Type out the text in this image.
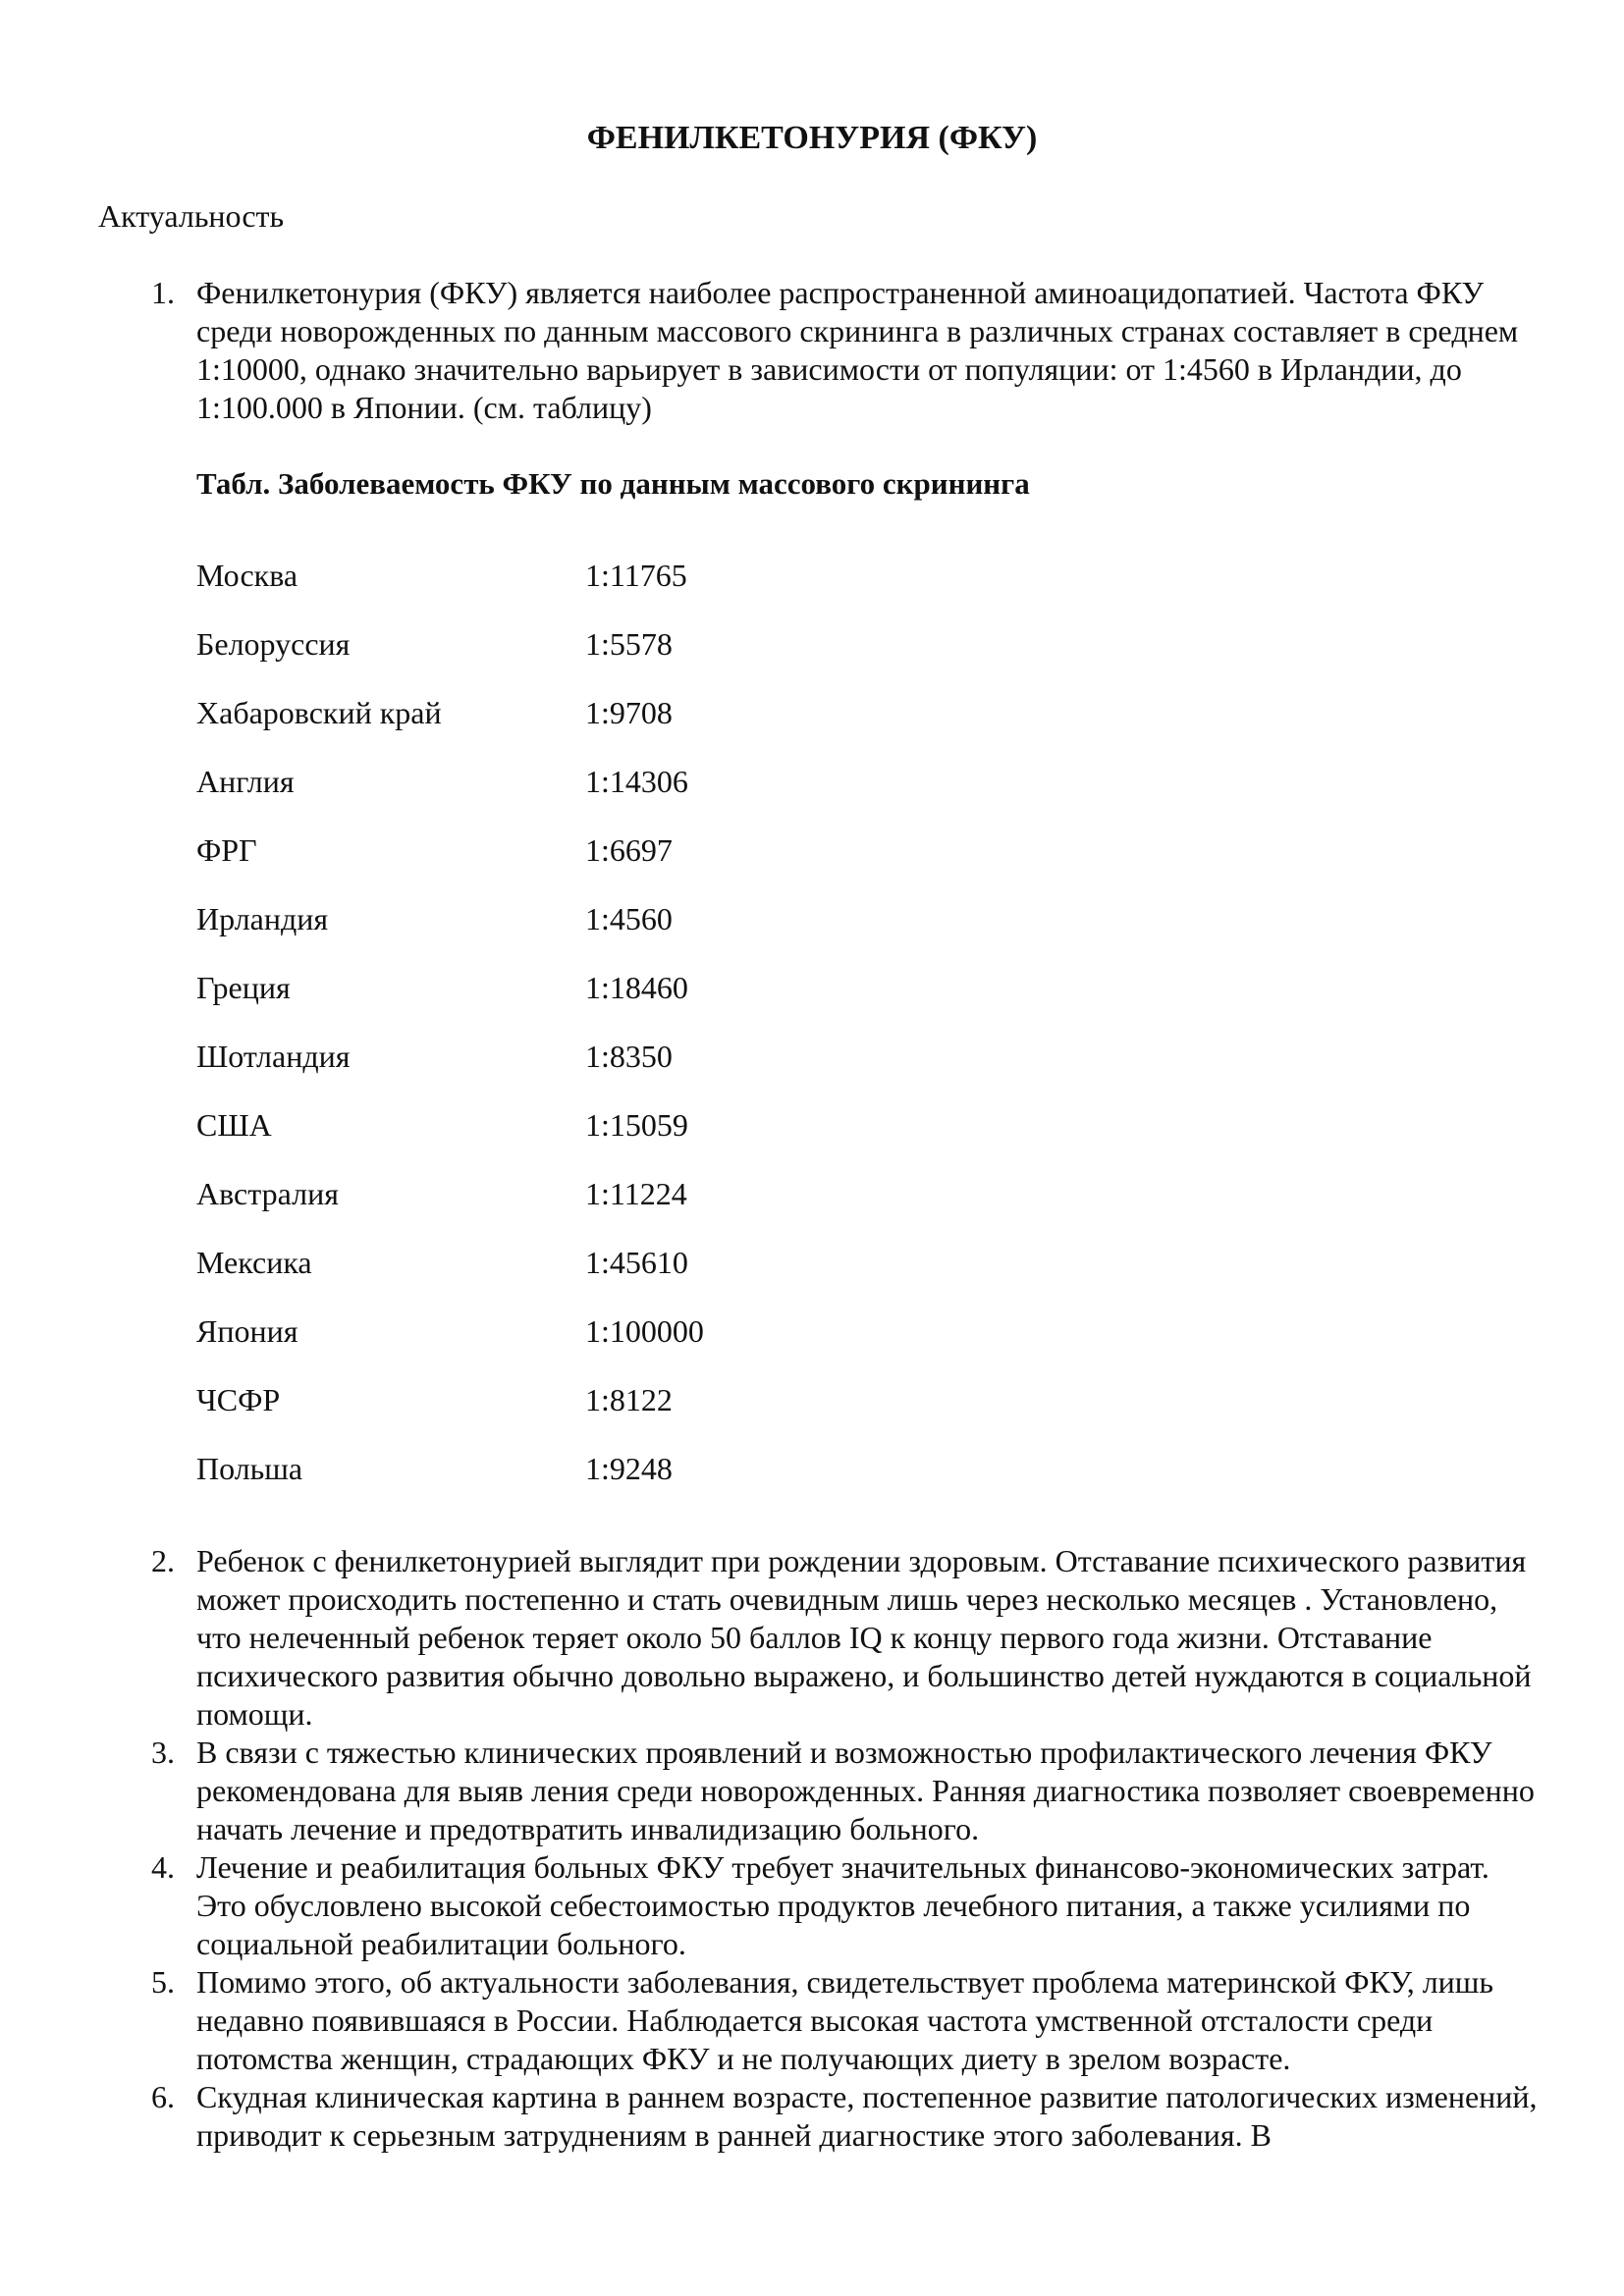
ФЕНИЛКЕТОНУРИЯ (ФКУ)

Актуальность

1. Фенилкетонурия (ФКУ) является наиболее распространенной аминоацидопатией. Частота ФКУ среди новорожденных по данным массового скрининга в различных странах составляет в среднем 1:10000, однако значительно варьирует в зависимости от популяции: от 1:4560 в Ирландии, до 1:100.000 в Японии. (см. таблицу)

Табл. Заболеваемость ФКУ по данным массового скрининга

Москва	1:11765
Белоруссия	1:5578
Хабаровский край	1:9708
Англия	1:14306
ФРГ	1:6697
Ирландия	1:4560
Греция	1:18460
Шотландия	1:8350
США	1:15059
Австралия	1:11224
Мексика	1:45610
Япония	1:100000
ЧСФР	1:8122
Польша	1:9248
2. Ребенок с фенилкетонурией выглядит при рождении здоровым. Отставание психического развития может происходить постепенно и стать очевидным лишь через несколько месяцев . Установлено, что нелеченный ребенок теряет около 50 баллов IQ к концу первого года жизни. Отставание психического развития обычно довольно выражено, и большинство детей нуждаются в социальной помощи.

3. В связи с тяжестью клинических проявлений и возможностью профилактического лечения ФКУ рекомендована для выяв ления среди новорожденных. Ранняя диагностика позволяет своевременно начать лечение и предотвратить инвалидизацию больного.

4. Лечение и реабилитация больных ФКУ требует значительных финансово-экономических затрат. Это обусловлено высокой себестоимостью продуктов лечебного питания, а также усилиями по социальной реабилитации больного.

5. Помимо этого, об актуальности заболевания, свидетельствует проблема материнской ФКУ, лишь недавно появившаяся в России. Наблюдается высокая частота умственной отсталости среди потомства женщин, страдающих ФКУ и не получающих диету в зрелом возрасте.

6. Скудная клиническая картина в раннем возрасте, постепенное развитие патологических изменений, приводит к серьезным затруднениям в ранней диагностике этого заболевания. В
